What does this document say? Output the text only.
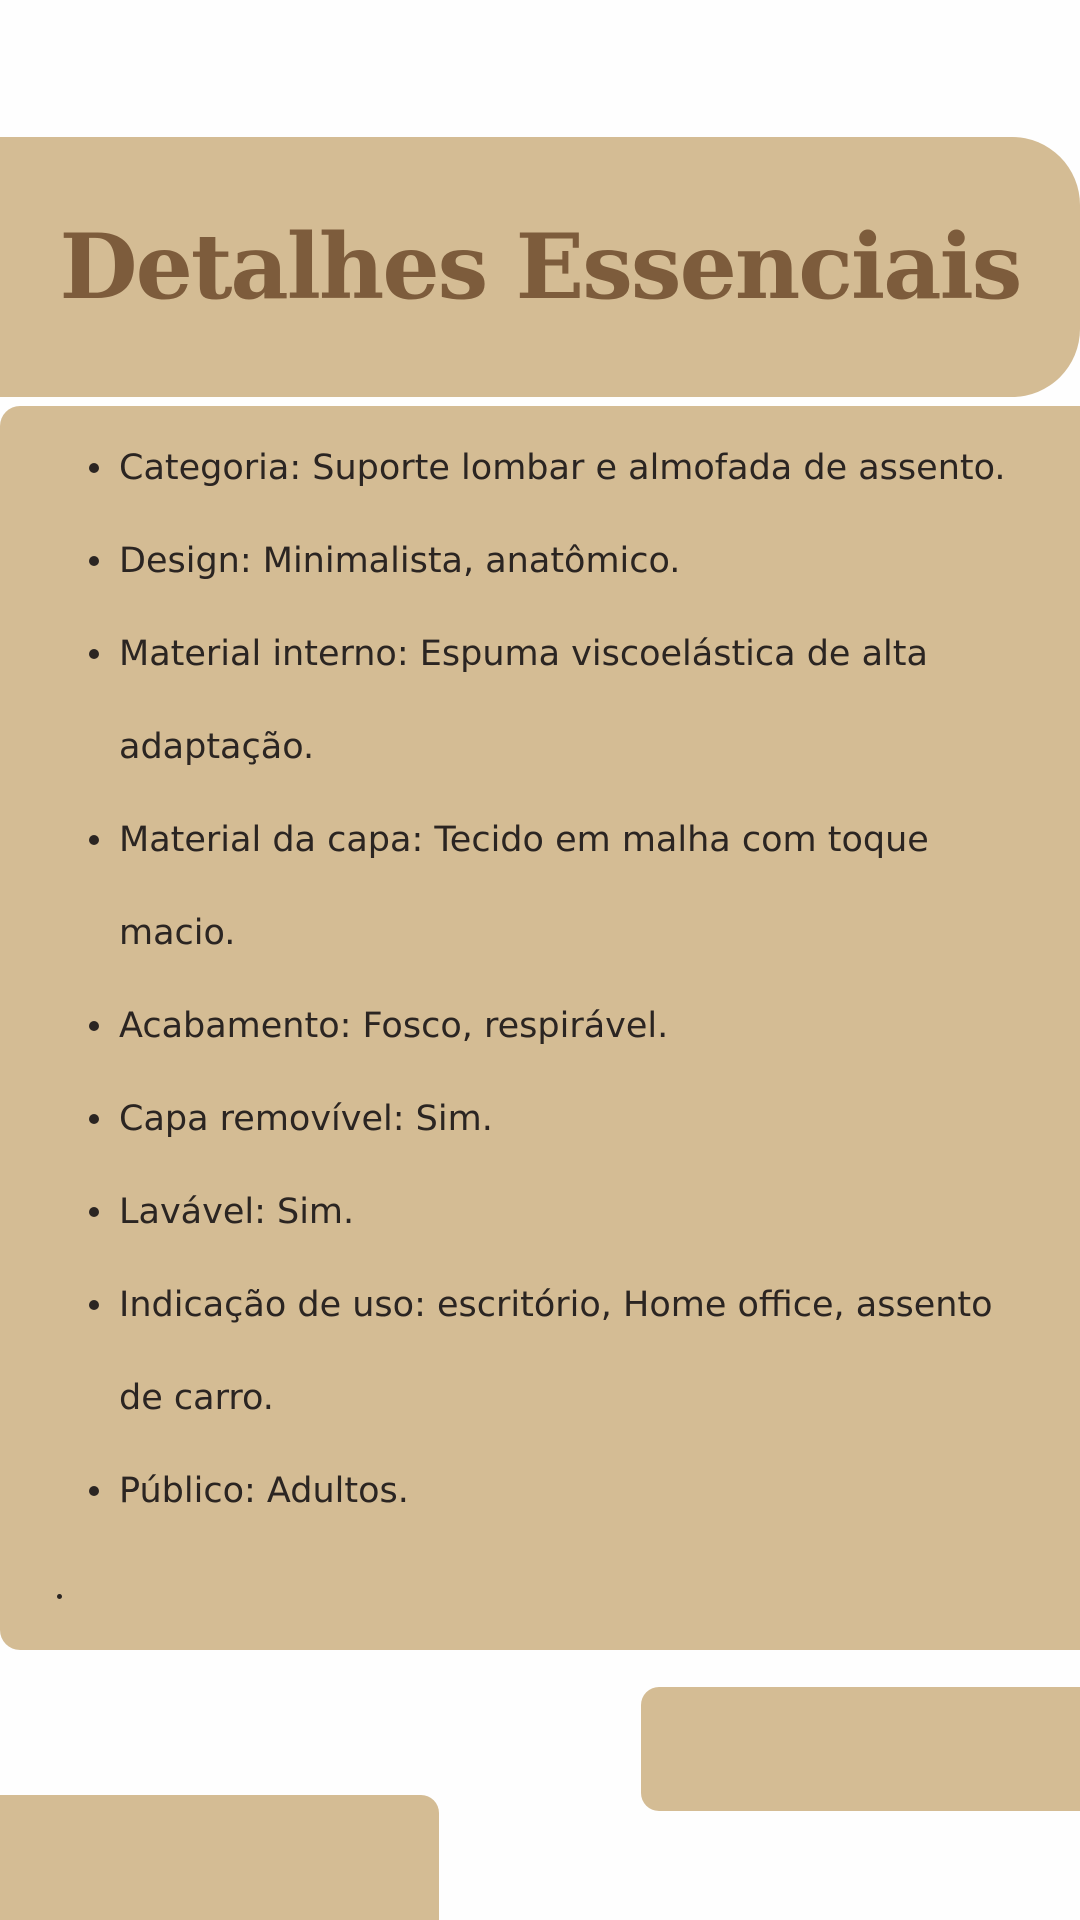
Detalhes Essenciais
Categoria: Suporte lombar e almofada de assento.
Design: Minimalista, anatômico.
Material interno: Espuma viscoelástica de alta adaptação.
Material da capa: Tecido em malha com toque macio.
Acabamento: Fosco, respirável.
Capa removível: Sim.
Lavável: Sim.
Indicação de uso: escritório, Home office, assento de carro.
Público: Adultos.
